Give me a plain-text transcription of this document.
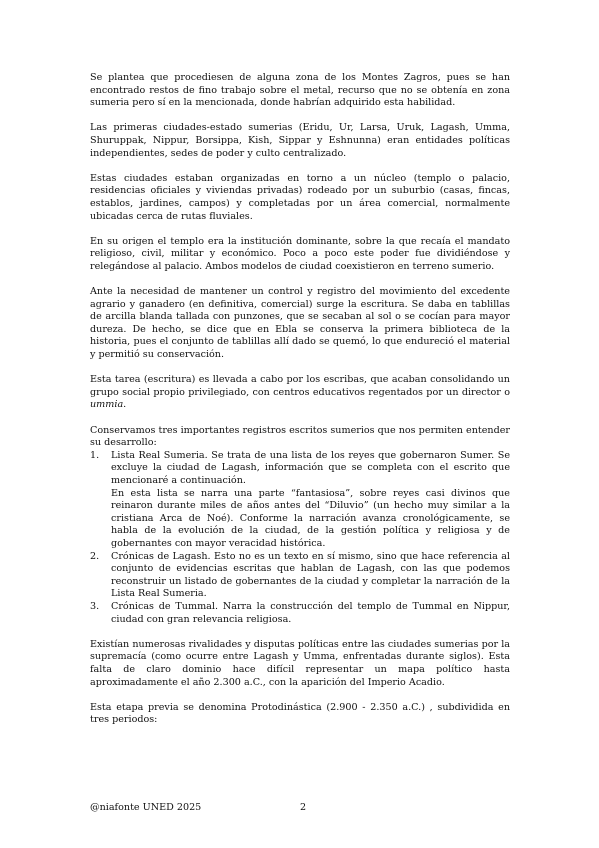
Se plantea que procediesen de alguna zona de los Montes Zagros, pues se han encontrado restos de fino trabajo sobre el metal, recurso que no se obtenía en zona sumeria pero sí en la mencionada, donde habrían adquirido esta habilidad.

Las primeras ciudades-estado sumerias (Eridu, Ur, Larsa, Uruk, Lagash, Umma, Shuruppak, Nippur, Borsippa, Kish, Sippar y Eshnunna) eran entidades políticas independientes, sedes de poder y culto centralizado.

Estas ciudades estaban organizadas en torno a un núcleo (templo o palacio, residencias oficiales y viviendas privadas) rodeado por un suburbio (casas, fincas, establos, jardines, campos) y completadas por un área comercial, normalmente ubicadas cerca de rutas fluviales.

En su origen el templo era la institución dominante, sobre la que recaía el mandato religioso, civil, militar y económico. Poco a poco este poder fue dividiéndose y relegándose al palacio. Ambos modelos de ciudad coexistieron en terreno sumerio.

Ante la necesidad de mantener un control y registro del movimiento del excedente agrario y ganadero (en definitiva, comercial) surge la escritura. Se daba en tablillas de arcilla blanda tallada con punzones, que se secaban al sol o se cocían para mayor dureza. De hecho, se dice que en Ebla se conserva la primera biblioteca de la historia, pues el conjunto de tablillas allí dado se quemó, lo que endureció el material y permitió su conservación.

Esta tarea (escritura) es llevada a cabo por los escribas, que acaban consolidando un grupo social propio privilegiado, con centros educativos regentados por un director o ummia.

Conservamos tres importantes registros escritos sumerios que nos permiten entender su desarrollo:

1. Lista Real Sumeria. Se trata de una lista de los reyes que gobernaron Sumer. Se excluye la ciudad de Lagash, información que se completa con el escrito que mencionaré a continuación.
En esta lista se narra una parte “fantasiosa”, sobre reyes casi divinos que reinaron durante miles de años antes del “Diluvio” (un hecho muy similar a la cristiana Arca de Noé). Conforme la narración avanza cronológicamente, se habla de la evolución de la ciudad, de la gestión política y religiosa y de gobernantes con mayor veracidad histórica.
2. Crónicas de Lagash. Esto no es un texto en sí mismo, sino que hace referencia al conjunto de evidencias escritas que hablan de Lagash, con las que podemos reconstruir un listado de gobernantes de la ciudad y completar la narración de la Lista Real Sumeria.
3. Crónicas de Tummal. Narra la construcción del templo de Tummal en Nippur, ciudad con gran relevancia religiosa.

Existían numerosas rivalidades y disputas políticas entre las ciudades sumerias por la supremacía (como ocurre entre Lagash y Umma, enfrentadas durante siglos). Esta falta de claro dominio hace difícil representar un mapa político hasta aproximadamente el año 2.300 a.C., con la aparición del Imperio Acadio.

Esta etapa previa se denomina Protodinástica (2.900 - 2.350 a.C.) , subdividida en tres periodos:

@niafonte UNED 2025	2
